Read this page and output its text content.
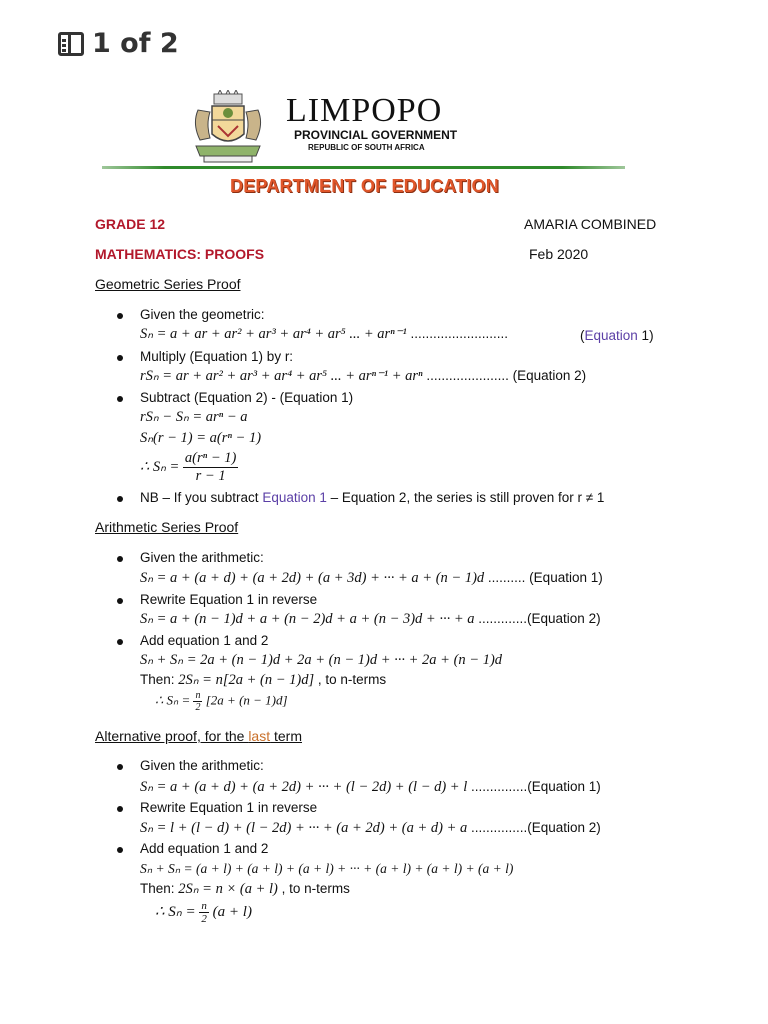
1 of 2
LIMPOPO
PROVINCIAL GOVERNMENT
REPUBLIC OF SOUTH AFRICA
DEPARTMENT OF EDUCATION
GRADE 12	AMARIA COMBINED
MATHEMATICS: PROOFS	Feb 2020
Geometric Series Proof
Given the geometric:
Sₙ = a + ar + ar² + ar³ + ar⁴ + ar⁵ ... + arⁿ⁻¹ ..........................	(Equation 1)
Multiply (Equation 1) by r:
rSₙ = ar + ar² + ar³ + ar⁴ + ar⁵ ... + arⁿ⁻¹ + arⁿ ...................... (Equation 2)
Subtract (Equation 2) - (Equation 1)
rSₙ − Sₙ = arⁿ − a
Sₙ(r − 1) = a(rⁿ − 1)
∴ $S_n = \frac{\text{a(rⁿ − 1)}}{r - 1}$
NB – If you subtract Equation 1 – Equation 2, the series is still proven for r ≠ 1
Arithmetic Series Proof
Given the arithmetic:
Sₙ = a + (a + d) + (a + 2d) + (a + 3d) + ··· + a + (n − 1)d .......... (Equation 1)
Rewrite Equation 1 in reverse
Sₙ = a + (n − 1)d + a + (n − 2)d + a + (n − 3)d + ··· + a .............(Equation 2)
Add equation 1 and 2
Sₙ + Sₙ = 2a + (n − 1)d + 2a + (n − 1)d + ··· + 2a + (n − 1)d
Then: 2Sₙ = n[2a + (n − 1)d] , to n-terms
∴ $S_n = \frac{n}{2} [2a + (n - 1)d]$
Alternative proof, for the last term
Given the arithmetic:
Sₙ = a + (a + d) + (a + 2d) + ··· + (l − 2d) + (l − d) + l ...............(Equation 1)
Rewrite Equation 1 in reverse
Sₙ = l + (l − d) + (l − 2d) + ··· + (a + 2d) + (a + d) + a ...............(Equation 2)
Add equation 1 and 2
Sₙ + Sₙ = (a + l) + (a + l) + (a + l) + ··· + (a + l) + (a + l) + (a + l)
Then: 2Sₙ = n × (a + l) , to n-terms
∴ $S_n = \frac{n}{2} (a + l)$
